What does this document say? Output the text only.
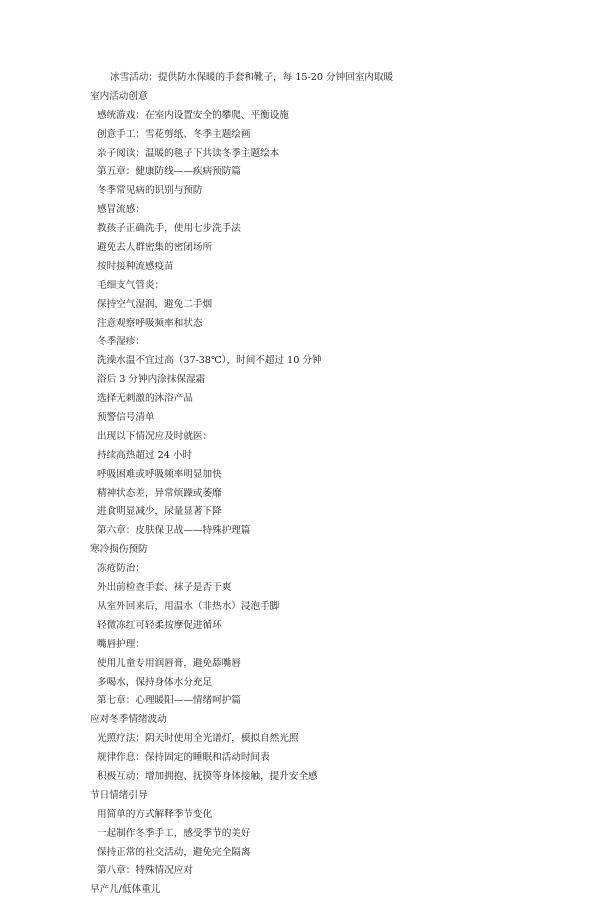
冰雪活动：提供防水保暖的手套和靴子，每 15-20 分钟回室内取暖
室内活动创意
感统游戏：在室内设置安全的攀爬、平衡设施
创意手工：雪花剪纸、冬季主题绘画
亲子阅读：温暖的毯子下共读冬季主题绘本
第五章：健康防线——疾病预防篇
冬季常见病的识别与预防
感冒流感：
教孩子正确洗手，使用七步洗手法
避免去人群密集的密闭场所
按时接种流感疫苗
毛细支气管炎：
保持空气湿润，避免二手烟
注意观察呼吸频率和状态
冬季湿疹：
洗澡水温不宜过高（37-38℃），时间不超过 10 分钟
浴后 3 分钟内涂抹保湿霜
选择无刺激的沐浴产品
预警信号清单
出现以下情况应及时就医：
持续高热超过 24 小时
呼吸困难或呼吸频率明显加快
精神状态差，异常烦躁或萎靡
进食明显减少，尿量显著下降
第六章：皮肤保卫战——特殊护理篇
寒冷损伤预防
冻疮防治：
外出前检查手套、袜子是否干爽
从室外回来后，用温水（非热水）浸泡手脚
轻微冻红可轻柔按摩促进循环
嘴唇护理：
使用儿童专用润唇膏，避免舔嘴唇
多喝水，保持身体水分充足
第七章：心理暖阳——情绪呵护篇
应对冬季情绪波动
光照疗法：阴天时使用全光谱灯，模拟自然光照
规律作息：保持固定的睡眠和活动时间表
积极互动：增加拥抱、抚摸等身体接触，提升安全感
节日情绪引导
用简单的方式解释季节变化
一起制作冬季手工，感受季节的美好
保持正常的社交活动，避免完全隔离
第八章：特殊情况应对
早产儿/低体重儿
